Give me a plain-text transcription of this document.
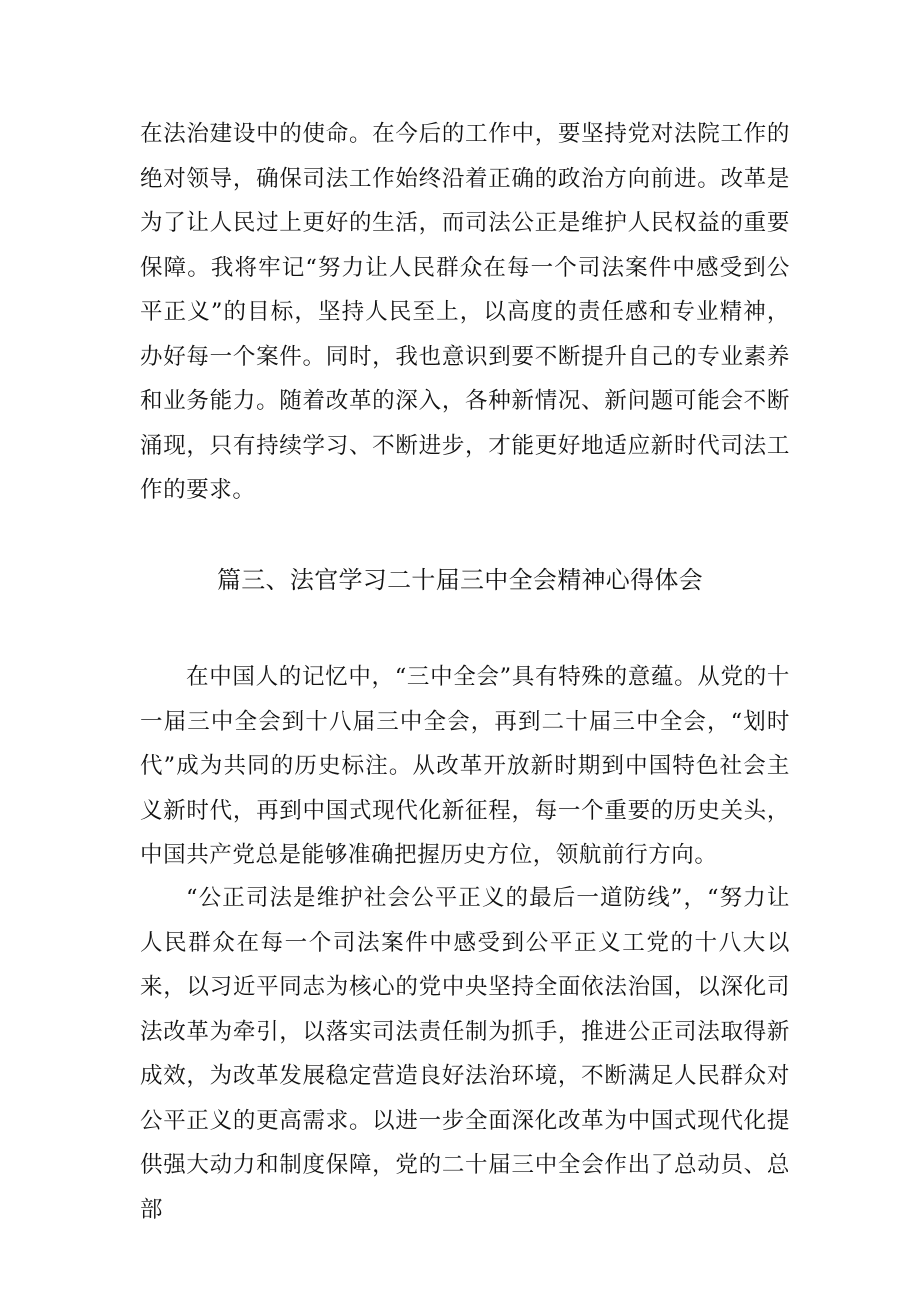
在法治建设中的使命。在今后的工作中，要坚持党对法院工作的绝对领导，确保司法工作始终沿着正确的政治方向前进。改革是为了让人民过上更好的生活，而司法公正是维护人民权益的重要保障。我将牢记“努力让人民群众在每一个司法案件中感受到公平正义”的目标，坚持人民至上，以高度的责任感和专业精神，办好每一个案件。同时，我也意识到要不断提升自己的专业素养和业务能力。随着改革的深入，各种新情况、新问题可能会不断涌现，只有持续学习、不断进步，才能更好地适应新时代司法工作的要求。

篇三、法官学习二十届三中全会精神心得体会

在中国人的记忆中，“三中全会”具有特殊的意蕴。从党的十一届三中全会到十八届三中全会，再到二十届三中全会，“划时代”成为共同的历史标注。从改革开放新时期到中国特色社会主义新时代，再到中国式现代化新征程，每一个重要的历史关头，中国共产党总是能够准确把握历史方位，领航前行方向。

“公正司法是维护社会公平正义的最后一道防线”，“努力让人民群众在每一个司法案件中感受到公平正义工党的十八大以来，以习近平同志为核心的党中央坚持全面依法治国，以深化司法改革为牵引，以落实司法责任制为抓手，推进公正司法取得新成效，为改革发展稳定营造良好法治环境，不断满足人民群众对公平正义的更高需求。以进一步全面深化改革为中国式现代化提供强大动力和制度保障，党的二十届三中全会作出了总动员、总部
